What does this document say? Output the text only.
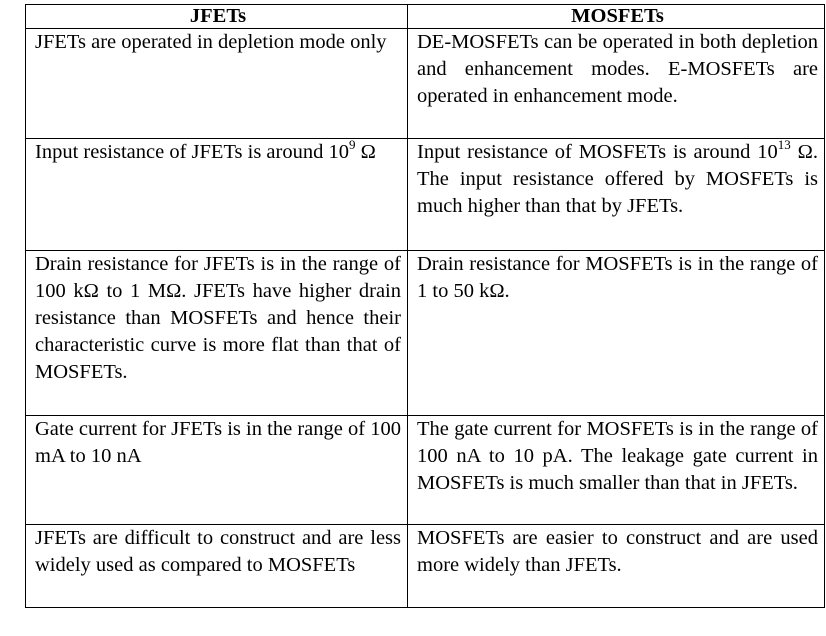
JFETs	MOSFETs

JFETs are operated in depletion mode only	DE-MOSFETs can be operated in both depletion and enhancement modes. E-MOSFETs are operated in enhancement mode.

Input resistance of JFETs is around $10^9$ Ω	Input resistance of MOSFETs is around $10^{13}$ Ω. The input resistance offered by MOSFETs is much higher than that by JFETs.

Drain resistance for JFETs is in the range of 100 kΩ to 1 MΩ. JFETs have higher drain resistance than MOSFETs and hence their characteristic curve is more flat than that of MOSFETs.	Drain resistance for MOSFETs is in the range of 1 to 50 kΩ.

Gate current for JFETs is in the range of 100 mA to 10 nA	The gate current for MOSFETs is in the range of 100 nA to 10 pA. The leakage gate current in MOSFETs is much smaller than that in JFETs.

JFETs are difficult to construct and are less widely used as compared to MOSFETs	MOSFETs are easier to construct and are used more widely than JFETs.
